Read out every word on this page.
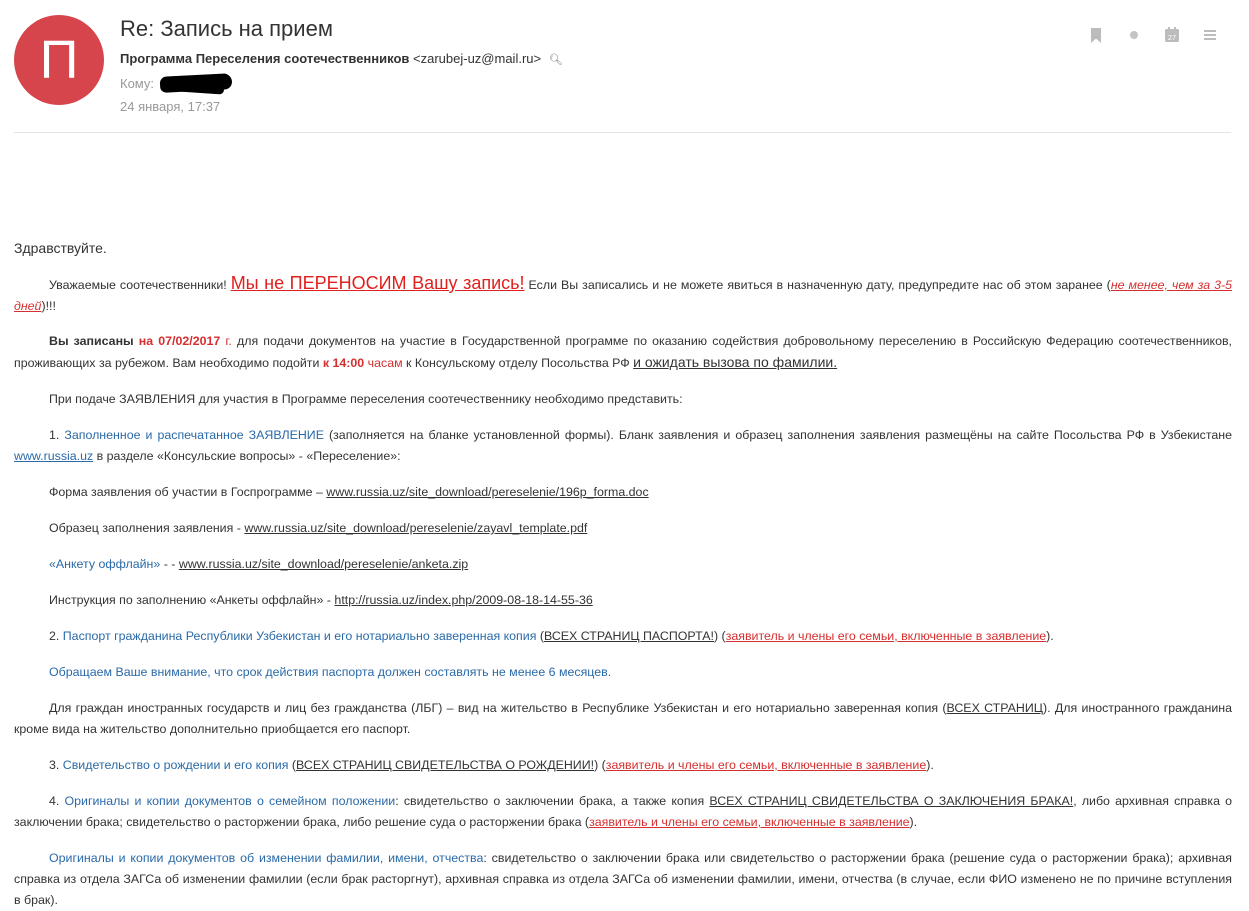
П
Re: Запись на прием
Программа Переселения соотечественников <zarubej-uz@mail.ru> 🔍︎
Кому:
24 января, 17:37
27

Здравствуйте.

Уважаемые соотечественники! Мы не ПЕРЕНОСИМ Вашу запись! Если Вы записались и не можете явиться в назначенную дату, предупредите нас об этом заранее (не менее, чем за 3-5 дней)!!!

Вы записаны на 07/02/2017 г. для подачи документов на участие в Государственной программе по оказанию содействия добровольному переселению в Российскую Федерацию соотечественников, проживающих за рубежом. Вам необходимо подойти к 14:00 часам к Консульскому отделу Посольства РФ и ожидать вызова по фамилии.

При подаче ЗАЯВЛЕНИЯ для участия в Программе переселения соотечественнику необходимо представить:

1. Заполненное и распечатанное ЗАЯВЛЕНИЕ (заполняется на бланке установленной формы). Бланк заявления и образец заполнения заявления размещёны на сайте Посольства РФ в Узбекистане www.russia.uz в разделе «Консульские вопросы» - «Переселение»:

Форма заявления об участии в Госпрограмме – www.russia.uz/site_download/pereselenie/196p_forma.doc

Образец заполнения заявления - www.russia.uz/site_download/pereselenie/zayavl_template.pdf

«Анкету оффлайн» - - www.russia.uz/site_download/pereselenie/anketa.zip

Инструкция по заполнению «Анкеты оффлайн» - http://russia.uz/index.php/2009-08-18-14-55-36

2. Паспорт гражданина Республики Узбекистан и его нотариально заверенная копия (ВСЕХ СТРАНИЦ ПАСПОРТА!) (заявитель и члены его семьи, включенные в заявление).

Обращаем Ваше внимание, что срок действия паспорта должен составлять не менее 6 месяцев.

Для граждан иностранных государств и лиц без гражданства (ЛБГ) – вид на жительство в Республике Узбекистан и его нотариально заверенная копия (ВСЕХ СТРАНИЦ). Для иностранного гражданина кроме вида на жительство дополнительно приобщается его паспорт.

3. Свидетельство о рождении и его копия (ВСЕХ СТРАНИЦ СВИДЕТЕЛЬСТВА О РОЖДЕНИИ!) (заявитель и члены его семьи, включенные в заявление).

4. Оригиналы и копии документов о семейном положении: свидетельство о заключении брака, а также копия ВСЕХ СТРАНИЦ СВИДЕТЕЛЬСТВА О ЗАКЛЮЧЕНИЯ БРАКА!, либо архивная справка о заключении брака; свидетельство о расторжении брака, либо решение суда о расторжении брака (заявитель и члены его семьи, включенные в заявление).

Оригиналы и копии документов об изменении фамилии, имени, отчества: свидетельство о заключении брака или свидетельство о расторжении брака (решение суда о расторжении брака); архивная справка из отдела ЗАГСа об изменении фамилии (если брак расторгнут), архивная справка из отдела ЗАГСа об изменении фамилии, имени, отчества (в случае, если ФИО изменено не по причине вступления в брак).
